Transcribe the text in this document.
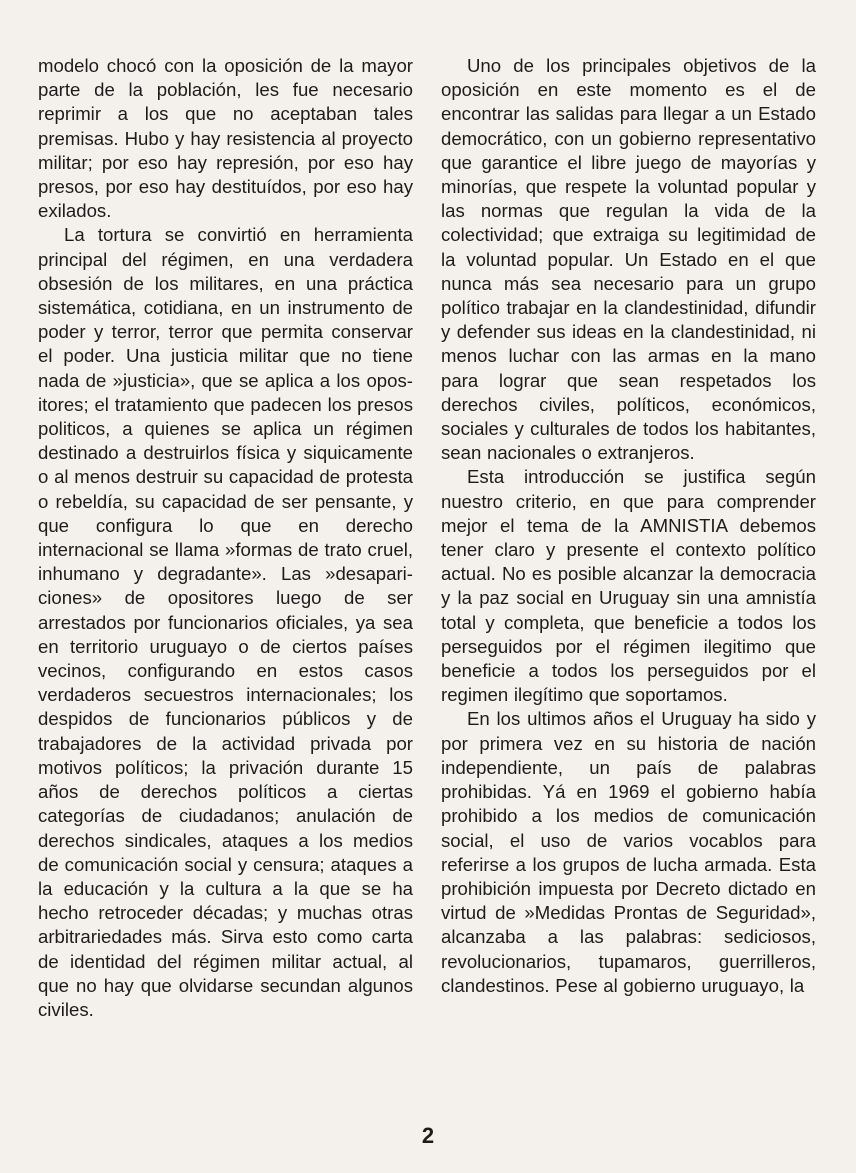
modelo chocó con la oposición de la mayor parte de la población, les fue necesario reprimir a los que no aceptaban tales premisas. Hubo y hay resistencia al proyecto militar; por eso hay represión, por eso hay presos, por eso hay destituídos, por eso hay exilados.

La tortura se convirtió en herramienta principal del régimen, en una verdadera obsesión de los militares, en una práctica sistemática, cotidiana, en un instrumento de poder y terror, terror que permita conservar el poder. Una justicia militar que no tiene nada de »justicia», que se aplica a los opositores; el tratamiento que padecen los presos politicos, a quienes se aplica un régimen destinado a destruirlos física y siquicamente o al menos destruir su capacidad de protesta o rebeldía, su capacidad de ser pensante, y que configura lo que en derecho internacional se llama »formas de trato cruel, inhumano y degradante». Las »desapariciones» de opositores luego de ser arrestados por funcionarios oficiales, ya sea en territorio uruguayo o de ciertos países vecinos, configurando en estos casos verdaderos secuestros internacionales; los despidos de funcionarios públicos y de trabajadores de la actividad privada por motivos políticos; la privación durante 15 años de derechos políticos a ciertas categorías de ciudadanos; anulación de derechos sindicales, ataques a los medios de comunicación social y censura; ataques a la educación y la cultura a la que se ha hecho retroceder décadas; y muchas otras arbitrariedades más. Sirva esto como carta de identidad del régimen militar actual, al que no hay que olvidarse secundan algunos civiles.

Uno de los principales objetivos de la oposición en este momento es el de encontrar las salidas para llegar a un Estado democrático, con un gobierno representativo que garantice el libre juego de mayorías y minorías, que respete la voluntad popular y las normas que regulan la vida de la colectividad; que extraiga su legitimidad de la voluntad popular. Un Estado en el que nunca más sea necesario para un grupo político trabajar en la clandestinidad, difundir y defender sus ideas en la clandestinidad, ni menos luchar con las armas en la mano para lograr que sean respetados los derechos civiles, políticos, económicos, sociales y culturales de todos los habitantes, sean nacionales o extranjeros.

Esta introducción se justifica según nuestro criterio, en que para comprender mejor el tema de la AMNISTIA debemos tener claro y presente el contexto político actual. No es posible alcanzar la democracia y la paz social en Uruguay sin una amnistía total y completa, que beneficie a todos los perseguidos por el régimen ilegitimo que beneficie a todos los perseguidos por el regimen ilegítimo que soportamos.

En los ultimos años el Uruguay ha sido y por primera vez en su historia de nación independiente, un país de palabras prohibidas. Yá en 1969 el gobierno había prohibido a los medios de comunicación social, el uso de varios vocablos para referirse a los grupos de lucha armada. Esta prohibición impuesta por Decreto dictado en virtud de »Medidas Prontas de Seguridad», alcanzaba a las palabras: sediciosos, revolucionarios, tupamaros, guerrilleros, clandestinos. Pese al gobierno uruguayo, la

2
